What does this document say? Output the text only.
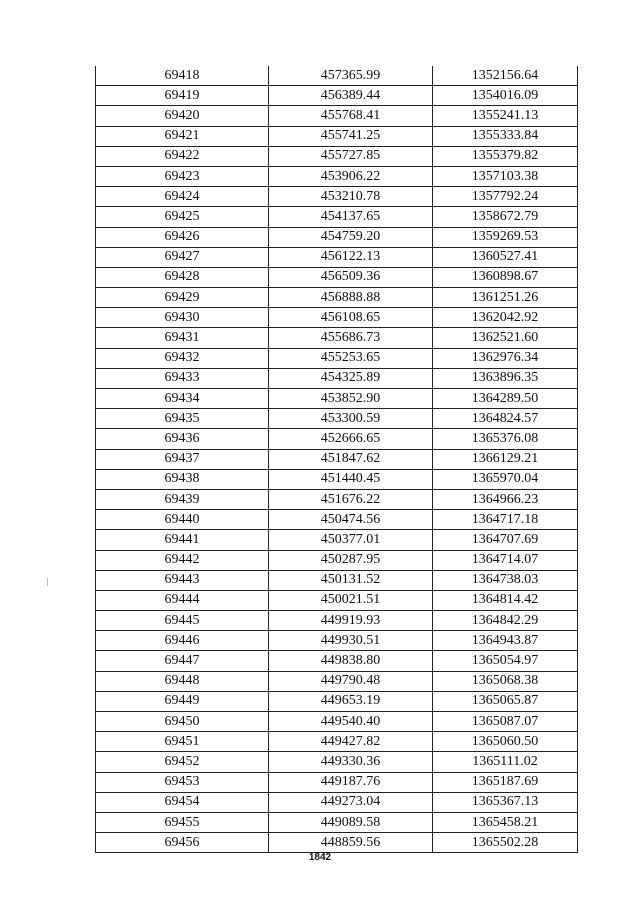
69418	457365.99	1352156.64
69419	456389.44	1354016.09
69420	455768.41	1355241.13
69421	455741.25	1355333.84
69422	455727.85	1355379.82
69423	453906.22	1357103.38
69424	453210.78	1357792.24
69425	454137.65	1358672.79
69426	454759.20	1359269.53
69427	456122.13	1360527.41
69428	456509.36	1360898.67
69429	456888.88	1361251.26
69430	456108.65	1362042.92
69431	455686.73	1362521.60
69432	455253.65	1362976.34
69433	454325.89	1363896.35
69434	453852.90	1364289.50
69435	453300.59	1364824.57
69436	452666.65	1365376.08
69437	451847.62	1366129.21
69438	451440.45	1365970.04
69439	451676.22	1364966.23
69440	450474.56	1364717.18
69441	450377.01	1364707.69
69442	450287.95	1364714.07
69443	450131.52	1364738.03
69444	450021.51	1364814.42
69445	449919.93	1364842.29
69446	449930.51	1364943.87
69447	449838.80	1365054.97
69448	449790.48	1365068.38
69449	449653.19	1365065.87
69450	449540.40	1365087.07
69451	449427.82	1365060.50
69452	449330.36	1365111.02
69453	449187.76	1365187.69
69454	449273.04	1365367.13
69455	449089.58	1365458.21
69456	448859.56	1365502.28
1842
